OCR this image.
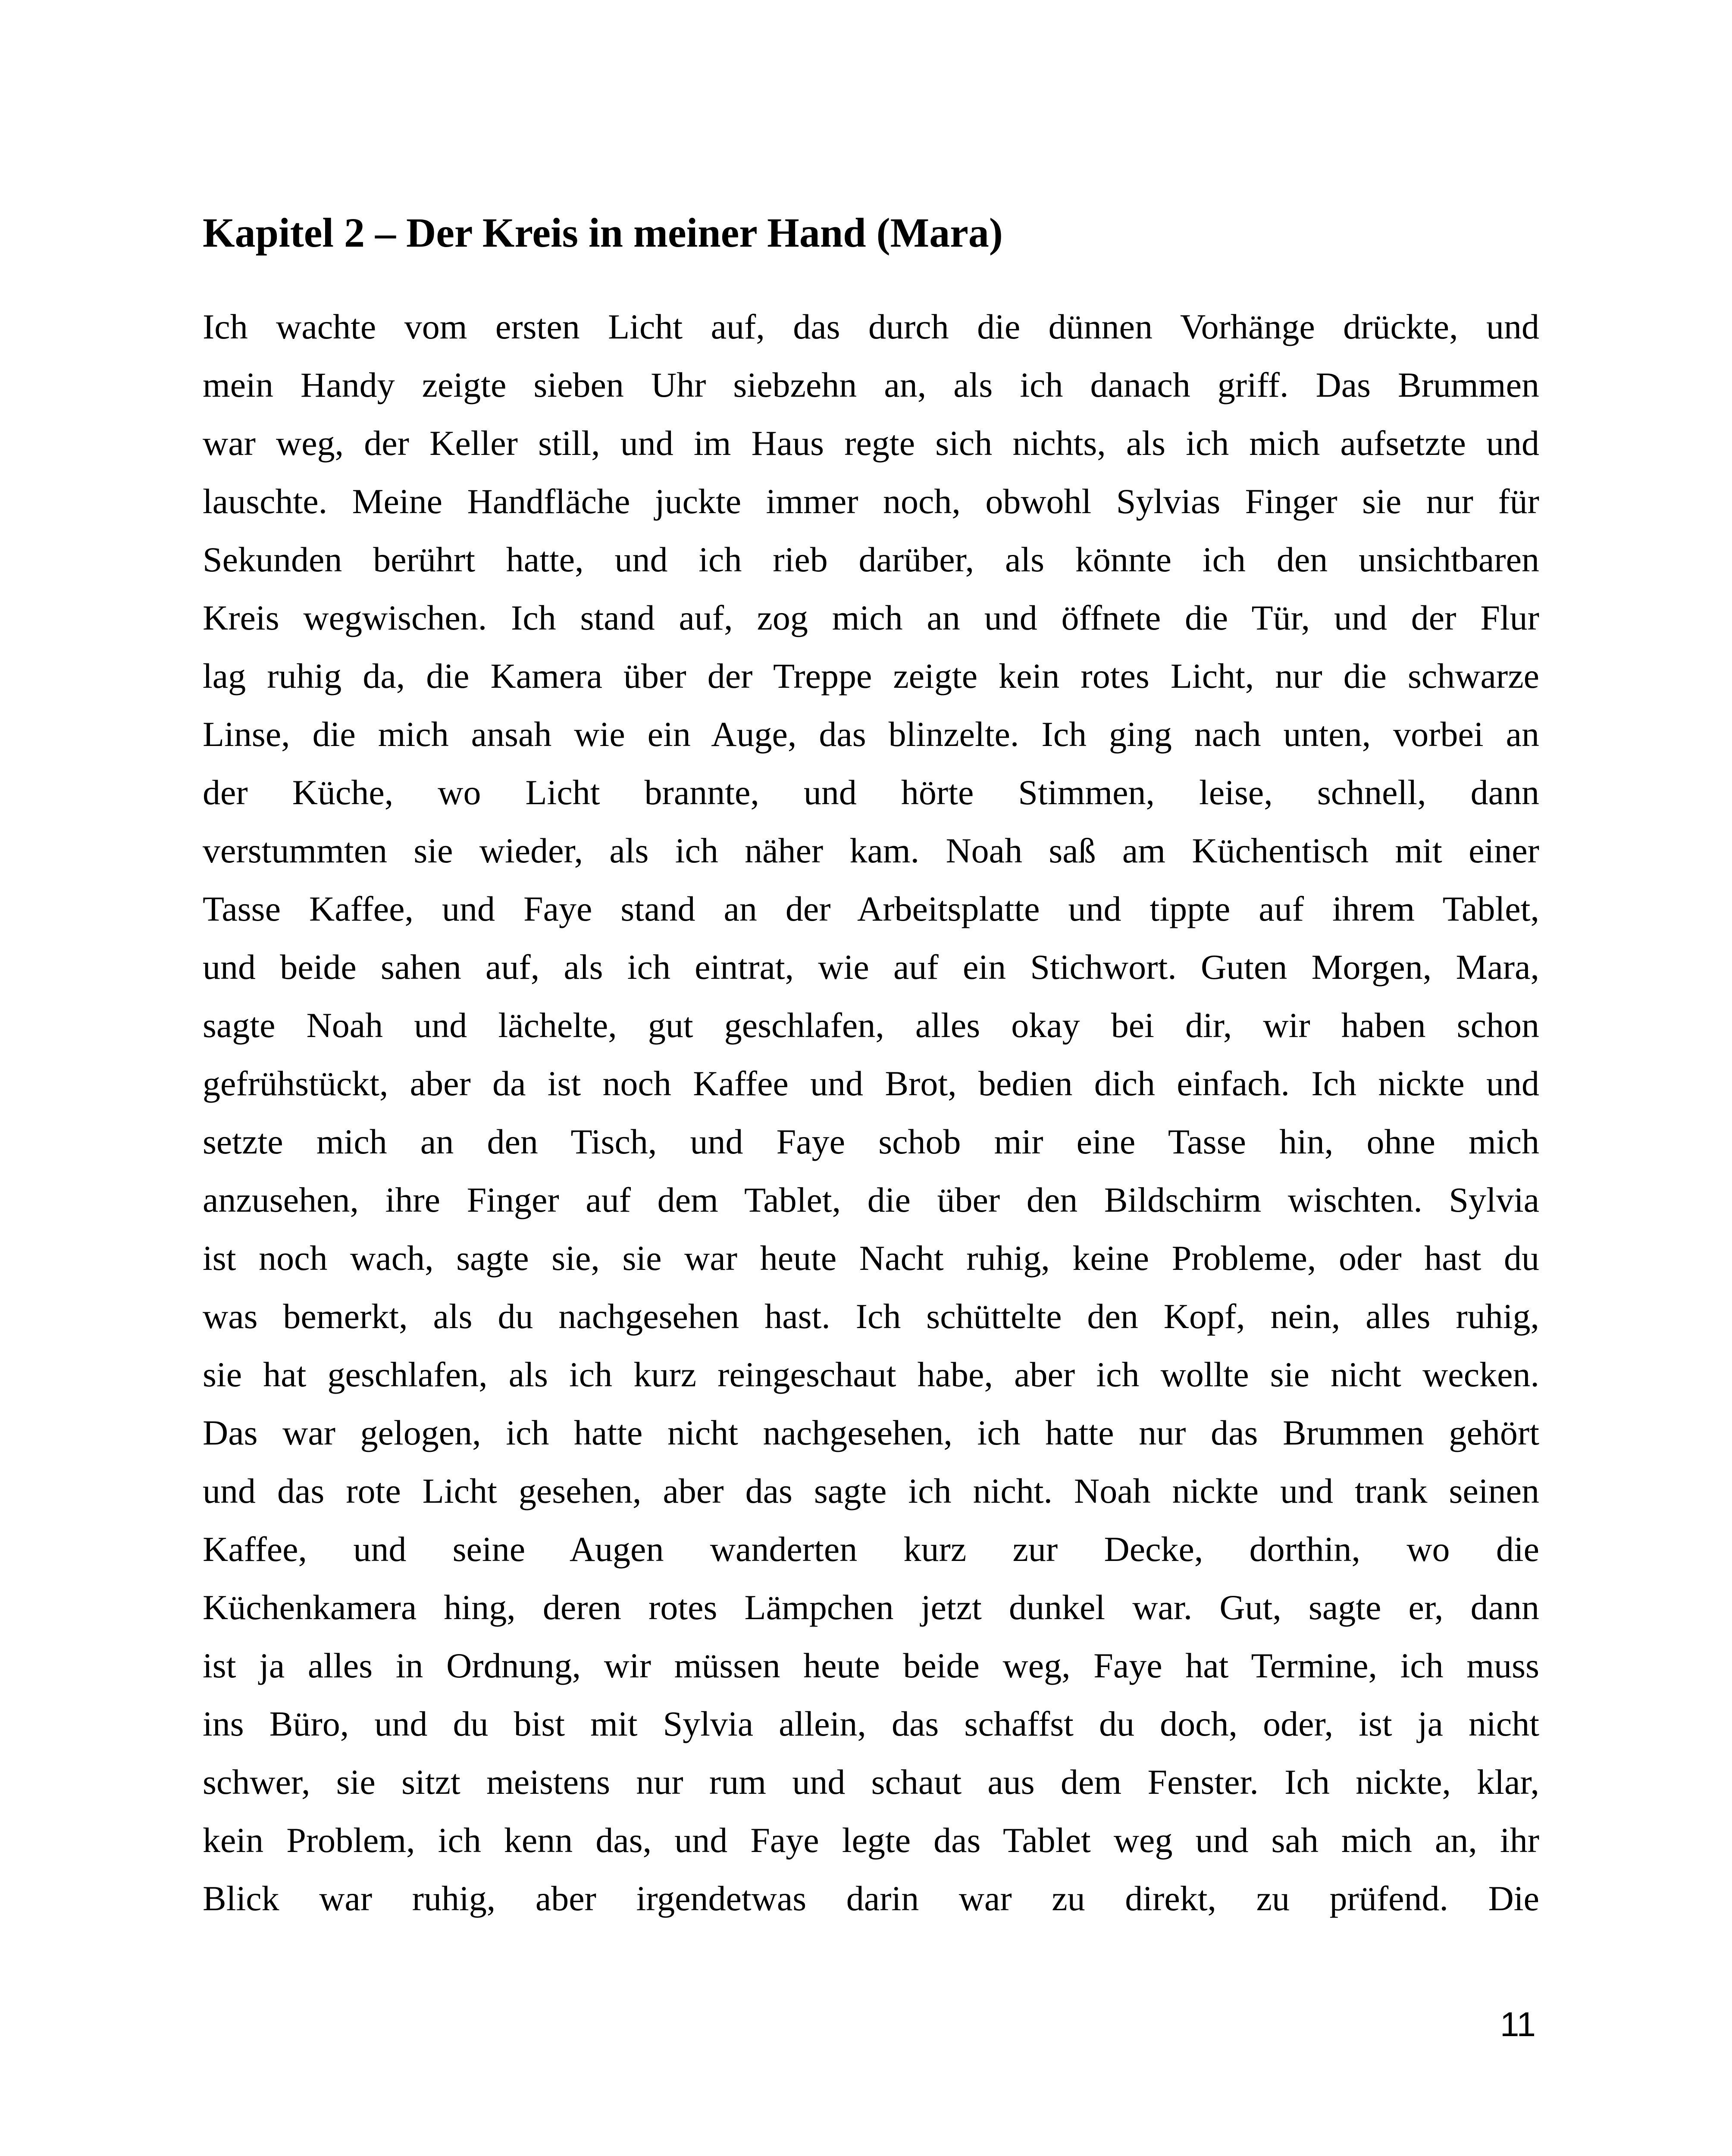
Kapitel 2 – Der Kreis in meiner Hand (Mara)
Ich wachte vom ersten Licht auf, das durch die dünnen Vorhänge drückte, und
mein Handy zeigte sieben Uhr siebzehn an, als ich danach griff. Das Brummen
war weg, der Keller still, und im Haus regte sich nichts, als ich mich aufsetzte und
lauschte. Meine Handfläche juckte immer noch, obwohl Sylvias Finger sie nur für
Sekunden berührt hatte, und ich rieb darüber, als könnte ich den unsichtbaren
Kreis wegwischen. Ich stand auf, zog mich an und öffnete die Tür, und der Flur
lag ruhig da, die Kamera über der Treppe zeigte kein rotes Licht, nur die schwarze
Linse, die mich ansah wie ein Auge, das blinzelte. Ich ging nach unten, vorbei an
der Küche, wo Licht brannte, und hörte Stimmen, leise, schnell, dann
verstummten sie wieder, als ich näher kam. Noah saß am Küchentisch mit einer
Tasse Kaffee, und Faye stand an der Arbeitsplatte und tippte auf ihrem Tablet,
und beide sahen auf, als ich eintrat, wie auf ein Stichwort. Guten Morgen, Mara,
sagte Noah und lächelte, gut geschlafen, alles okay bei dir, wir haben schon
gefrühstückt, aber da ist noch Kaffee und Brot, bedien dich einfach. Ich nickte und
setzte mich an den Tisch, und Faye schob mir eine Tasse hin, ohne mich
anzusehen, ihre Finger auf dem Tablet, die über den Bildschirm wischten. Sylvia
ist noch wach, sagte sie, sie war heute Nacht ruhig, keine Probleme, oder hast du
was bemerkt, als du nachgesehen hast. Ich schüttelte den Kopf, nein, alles ruhig,
sie hat geschlafen, als ich kurz reingeschaut habe, aber ich wollte sie nicht wecken.
Das war gelogen, ich hatte nicht nachgesehen, ich hatte nur das Brummen gehört
und das rote Licht gesehen, aber das sagte ich nicht. Noah nickte und trank seinen
Kaffee, und seine Augen wanderten kurz zur Decke, dorthin, wo die
Küchenkamera hing, deren rotes Lämpchen jetzt dunkel war. Gut, sagte er, dann
ist ja alles in Ordnung, wir müssen heute beide weg, Faye hat Termine, ich muss
ins Büro, und du bist mit Sylvia allein, das schaffst du doch, oder, ist ja nicht
schwer, sie sitzt meistens nur rum und schaut aus dem Fenster. Ich nickte, klar,
kein Problem, ich kenn das, und Faye legte das Tablet weg und sah mich an, ihr
Blick war ruhig, aber irgendetwas darin war zu direkt, zu prüfend. Die

11
